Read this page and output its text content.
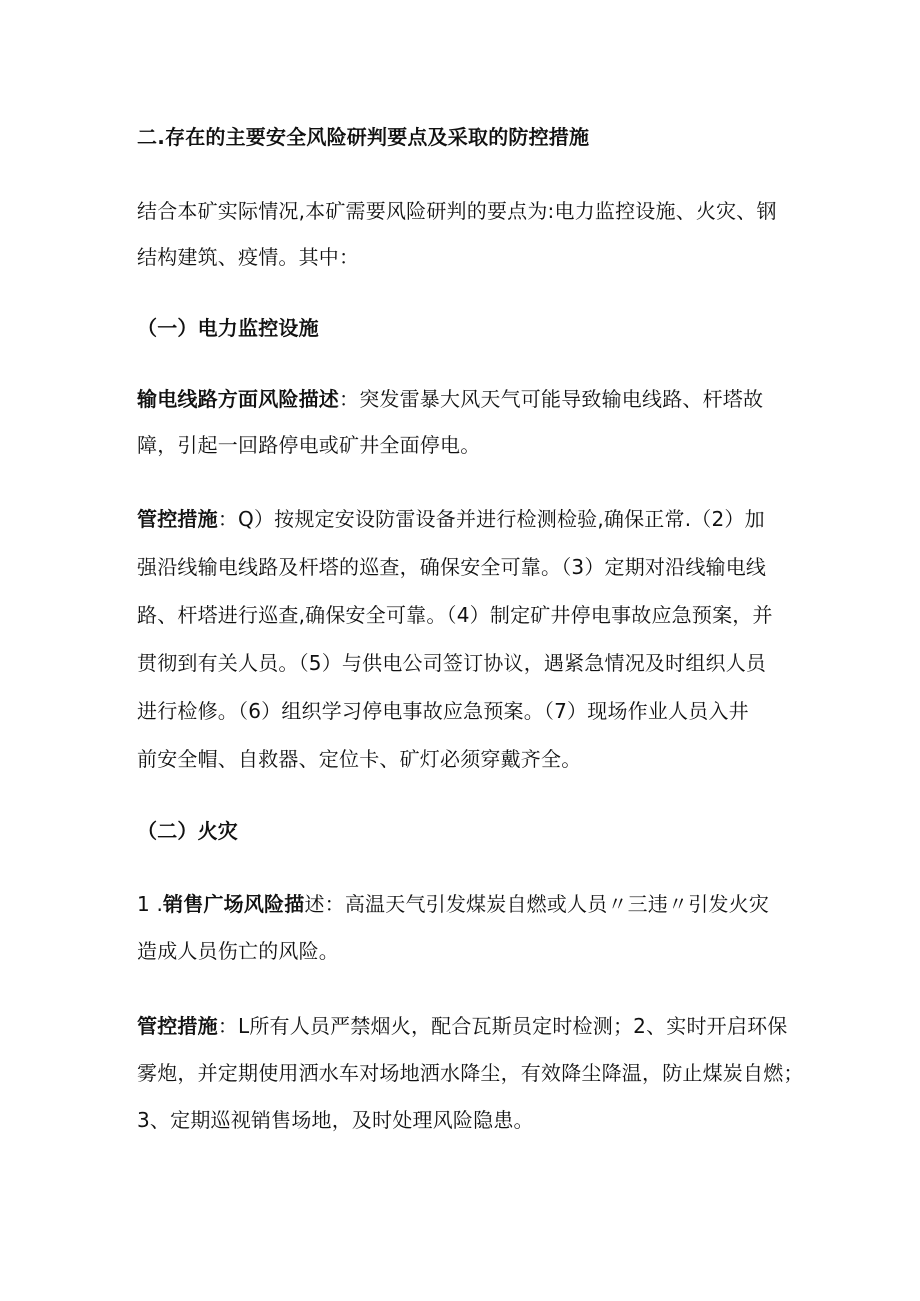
二.存在的主要安全风险研判要点及采取的防控措施
结合本矿实际情况,本矿需要风险研判的要点为:电力监控设施、火灾、钢
结构建筑、疫情。其中：
（一）电力监控设施
输电线路方面风险描述：突发雷暴大风天气可能导致输电线路、杆塔故
障，引起一回路停电或矿井全面停电。
管控措施：Q）按规定安设防雷设备并进行检测检验,确保正常.（2）加
强沿线输电线路及杆塔的巡查，确保安全可靠。（3）定期对沿线输电线
路、杆塔进行巡查,确保安全可靠。（4）制定矿井停电事故应急预案，并
贯彻到有关人员。（5）与供电公司签订协议，遇紧急情况及时组织人员
进行检修。（6）组织学习停电事故应急预案。（7）现场作业人员入井
前安全帽、自救器、定位卡、矿灯必须穿戴齐全。
（二）火灾
1 .销售广场风险描述：高温天气引发煤炭自燃或人员〃三违〃引发火灾
造成人员伤亡的风险。
管控措施：L所有人员严禁烟火，配合瓦斯员定时检测；2、实时开启环保
雾炮，并定期使用洒水车对场地洒水降尘，有效降尘降温，防止煤炭自燃；
3、定期巡视销售场地，及时处理风险隐患。
